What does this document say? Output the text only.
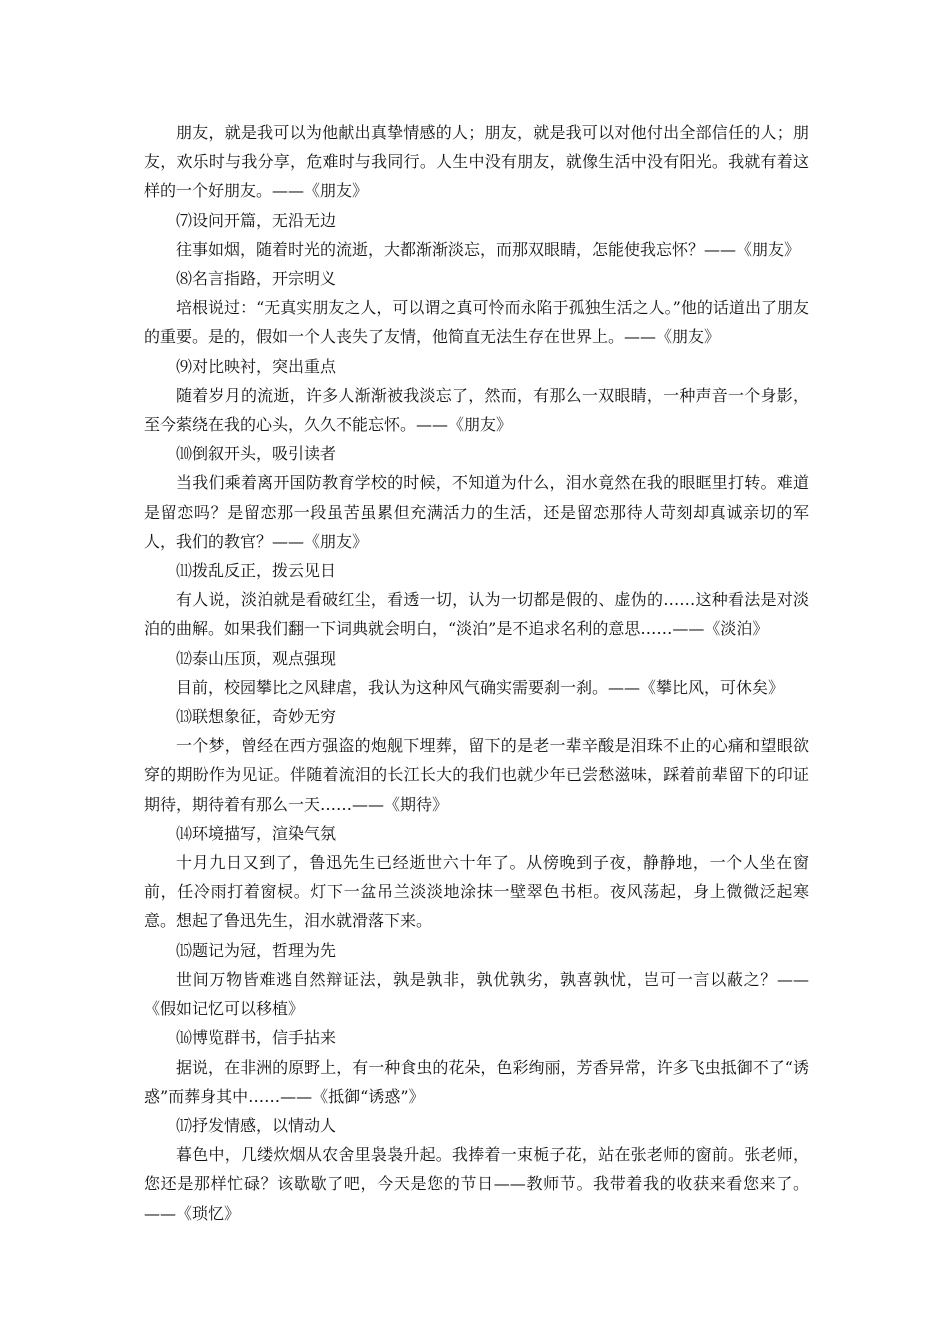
朋友，就是我可以为他献出真挚情感的人；朋友，就是我可以对他付出全部信任的人；朋友，欢乐时与我分享，危难时与我同行。人生中没有朋友，就像生活中没有阳光。我就有着这样的一个好朋友。——《朋友》

⑺设问开篇，无沿无边

往事如烟，随着时光的流逝，大都渐渐淡忘，而那双眼睛，怎能使我忘怀？——《朋友》

⑻名言指路，开宗明义

培根说过：“无真实朋友之人，可以谓之真可怜而永陷于孤独生活之人。”他的话道出了朋友的重要。是的，假如一个人丧失了友情，他简直无法生存在世界上。——《朋友》

⑼对比映衬，突出重点

随着岁月的流逝，许多人渐渐被我淡忘了，然而，有那么一双眼睛，一种声音一个身影，至今萦绕在我的心头，久久不能忘怀。——《朋友》

⑽倒叙开头，吸引读者

当我们乘着离开国防教育学校的时候，不知道为什么，泪水竟然在我的眼眶里打转。难道是留恋吗？是留恋那一段虽苦虽累但充满活力的生活，还是留恋那待人苛刻却真诚亲切的军人，我们的教官？——《朋友》

⑾拨乱反正，拨云见日

有人说，淡泊就是看破红尘，看透一切，认为一切都是假的、虚伪的……这种看法是对淡泊的曲解。如果我们翻一下词典就会明白，“淡泊”是不追求名利的意思……——《淡泊》

⑿泰山压顶，观点强现

目前，校园攀比之风肆虐，我认为这种风气确实需要刹一刹。——《攀比风，可休矣》

⒀联想象征，奇妙无穷

一个梦，曾经在西方强盗的炮舰下埋葬，留下的是老一辈辛酸是泪珠不止的心痛和望眼欲穿的期盼作为见证。伴随着流泪的长江长大的我们也就少年已尝愁滋味，踩着前辈留下的印证期待，期待着有那么一天……——《期待》

⒁环境描写，渲染气氛

十月九日又到了，鲁迅先生已经逝世六十年了。从傍晚到子夜，静静地，一个人坐在窗前，任冷雨打着窗棂。灯下一盆吊兰淡淡地涂抹一壁翠色书柜。夜风荡起，身上微微泛起寒意。想起了鲁迅先生，泪水就滑落下来。

⒂题记为冠，哲理为先

世间万物皆难逃自然辩证法，孰是孰非，孰优孰劣，孰喜孰忧，岂可一言以蔽之？——《假如记忆可以移植》

⒃博览群书，信手拈来

据说，在非洲的原野上，有一种食虫的花朵，色彩绚丽，芳香异常，许多飞虫抵御不了“诱惑”而葬身其中……——《抵御“诱惑”》

⒄抒发情感，以情动人

暮色中，几缕炊烟从农舍里袅袅升起。我捧着一束栀子花，站在张老师的窗前。张老师，您还是那样忙碌？该歇歇了吧，今天是您的节日——教师节。我带着我的收获来看您来了。——《琐忆》
